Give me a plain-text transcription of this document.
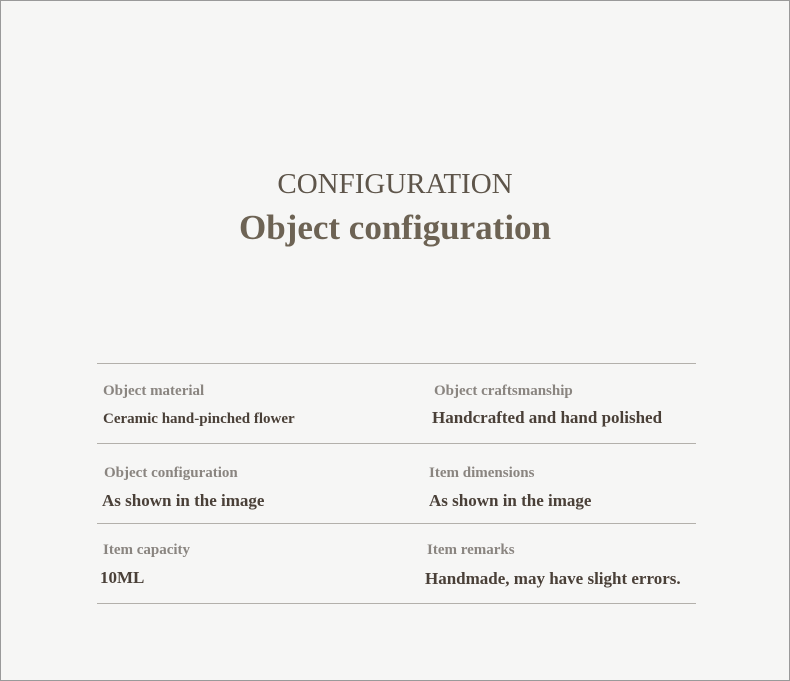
CONFIGURATION
Object configuration
Object material
Ceramic hand-pinched flower
Object craftsmanship
Handcrafted and hand polished
Object configuration
As shown in the image
Item dimensions
As shown in the image
Item capacity
10ML
Item remarks
Handmade, may have slight errors.
